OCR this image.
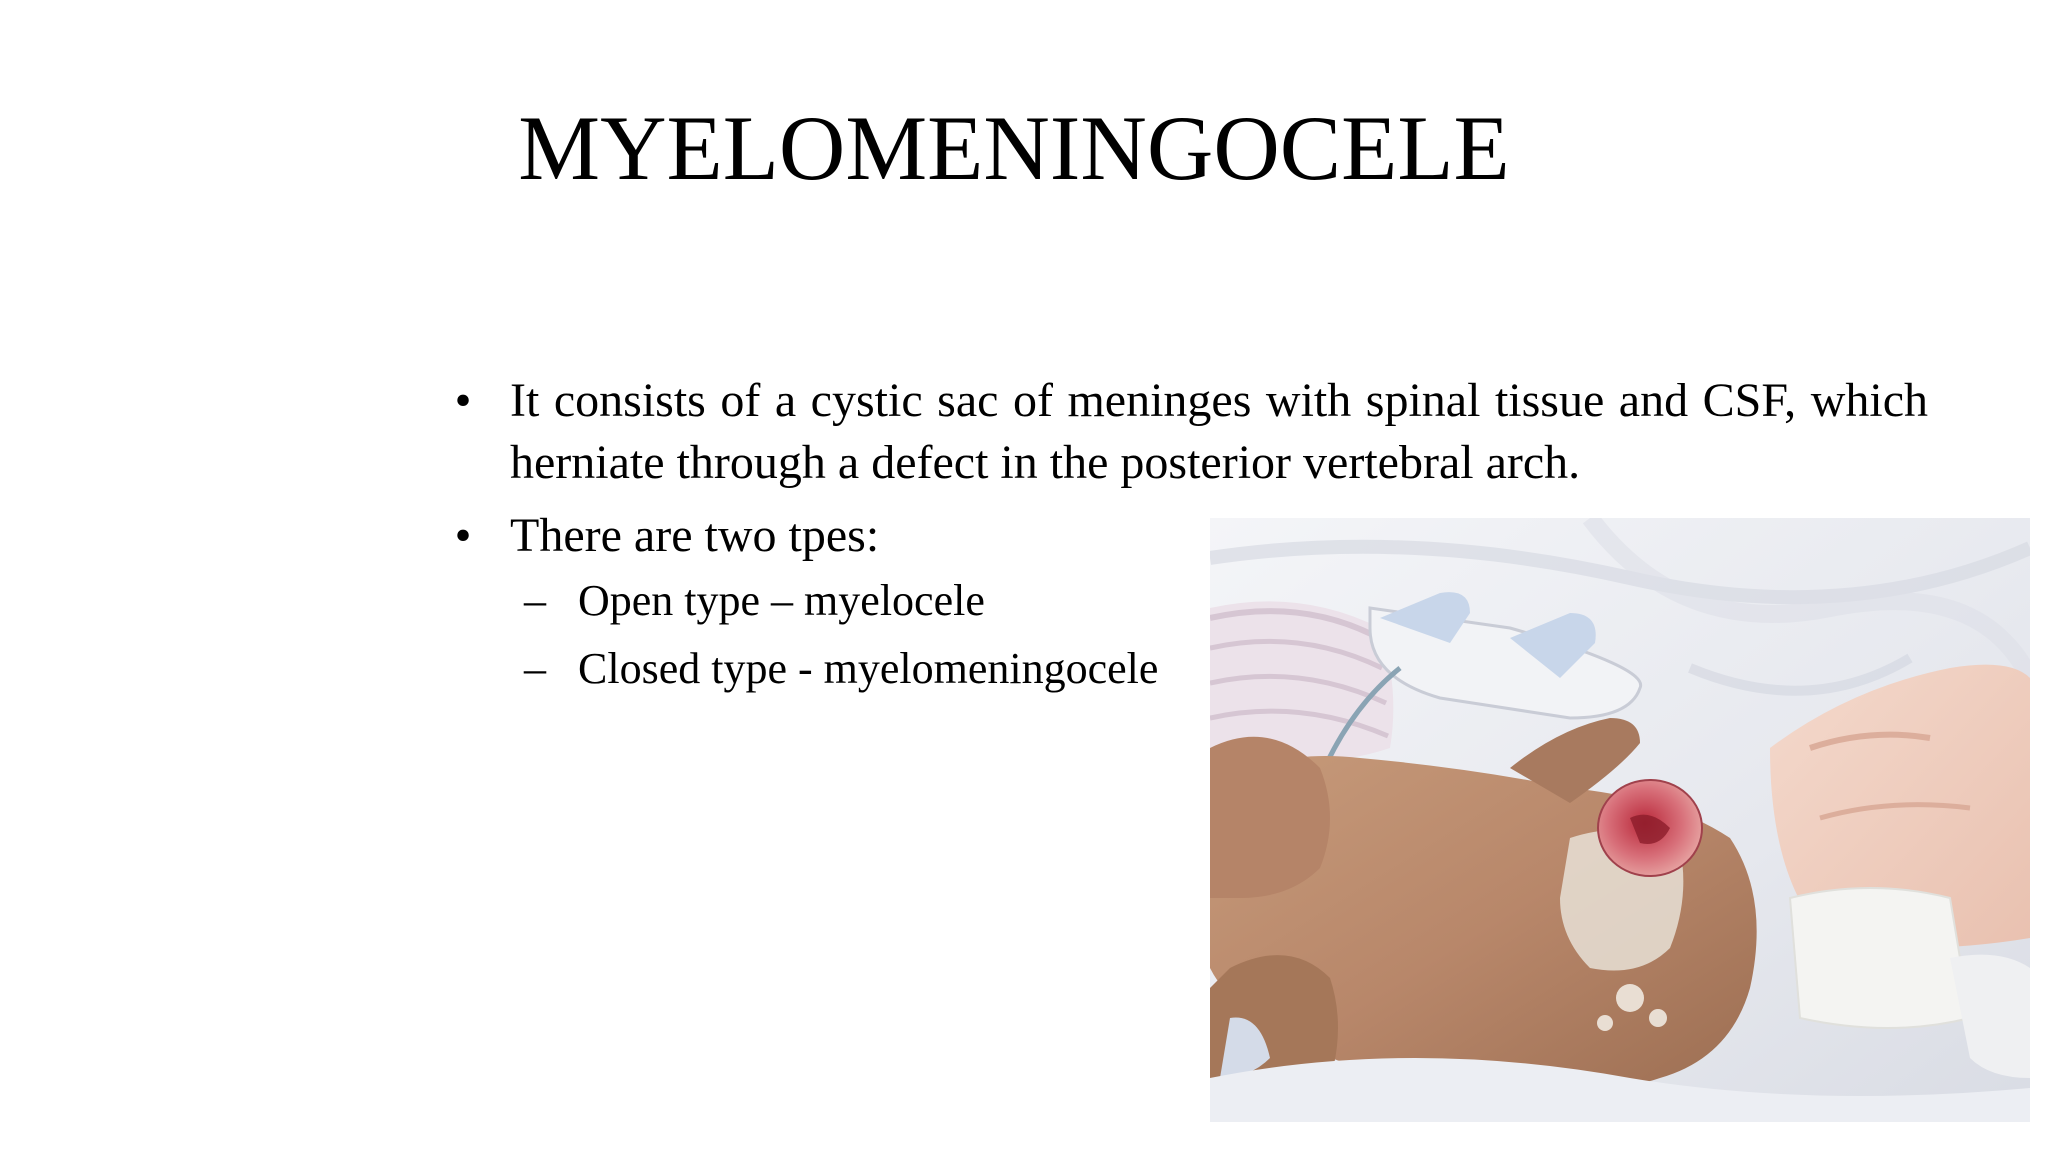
MYELOMENINGOCELE
• It consists of a cystic sac of meninges with spinal tissue and CSF, which herniate through a defect in the posterior vertebral arch.
• There are two tpes:
– Open type – myelocele
– Closed type - myelomeningocele
